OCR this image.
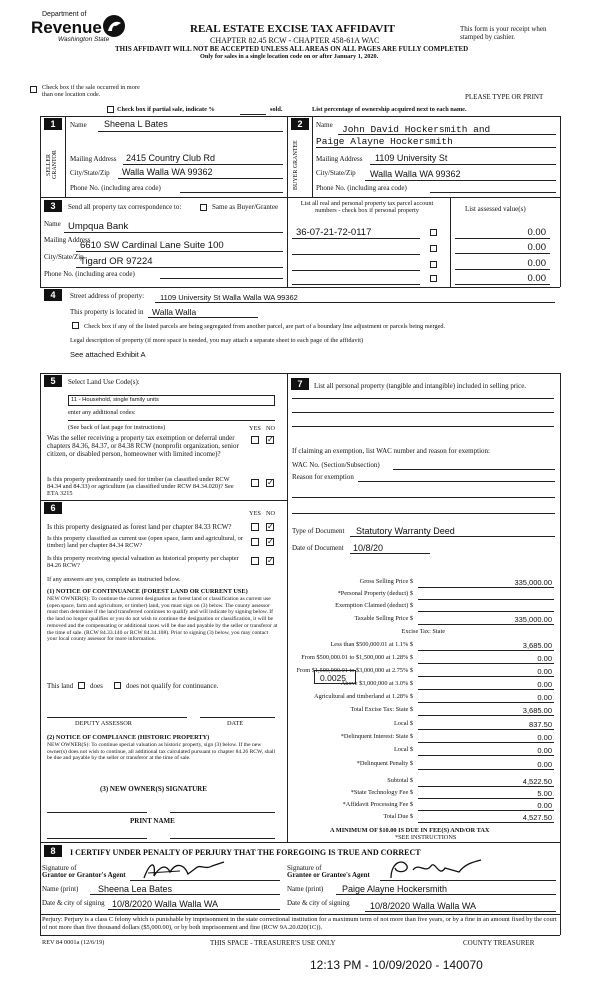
Department of
Revenue
Washington State
REAL ESTATE EXCISE TAX AFFIDAVIT
CHAPTER 82.45 RCW - CHAPTER 458-61A WAC
THIS AFFIDAVIT WILL NOT BE ACCEPTED UNLESS ALL AREAS ON ALL PAGES ARE FULLY COMPLETED
Only for sales in a single location code on or after January 1, 2020.
This form is your receipt when stamped by cashier.
PLEASE TYPE OR PRINT
Check box if the sale occurred in more than one location code.
Check box if partial sale, indicate %	sold.	List percentage of ownership acquired next to each name.
1
SELLER GRANTOR
Name Sheena L Bates
Mailing Address 2415 Country Club Rd
City/State/Zip Walla Walla WA 99362
Phone No. (including area code)
2
BUYER GRANTEE
Name John David Hockersmith and
Paige Alayne Hockersmith
Mailing Address 1109 University St
City/State/Zip Walla Walla WA 99362
Phone No. (including area code)
3	Send all property tax correspondence to:	Same as Buyer/Grantee
Name Umpqua Bank
Mailing Address
6610 SW Cardinal Lane Suite 100
City/State/Zip
Tigard OR 97224
Phone No. (including area code)
List all real and personal property tax parcel account numbers - check box if personal property	List assessed value(s)
36-07-21-72-0117	0.00
0.00
0.00
0.00
4	Street address of property: 1109 University St Walla Walla WA 99362
This property is located in Walla Walla
Check box if any of the listed parcels are being segregated from another parcel, are part of a boundary line adjustment or parcels being merged.
Legal description of property (if more space is needed, you may attach a separate sheet to each page of the affidavit)
See attached Exhibit A
5	Select Land Use Code(s):
11 - Household, single family units
enter any additional codes:
(See back of last page for instructions)	YES NO
Was the seller receiving a property tax exemption or deferral under chapters 84.36, 84.37, or 84.38 RCW (nonprofit organization, senior citizen, or disabled person, homeowner with limited income)?
✓
Is this property predominantly used for timber (as classified under RCW 84.34 and 84.33) or agriculture (as classified under RCW 84.34.020)? See ETA 3215
✓
6
YES NO
Is this property designated as forest land per chapter 84.33 RCW?	✓
Is this property classified as current use (open space, farm and agricultural, or timber) land per chapter 84.34 RCW?	✓
Is this property receiving special valuation as historical property per chapter 84.26 RCW?
✓
If any answers are yes, complete as instructed below.
(1) NOTICE OF CONTINUANCE (FOREST LAND OR CURRENT USE)
NEW OWNER(S): To continue the current designation as forest land or classification as current use (open space, farm and agriculture, or timber) land, you must sign on (3) below. The county assessor must then determine if the land transferred continues to qualify and will indicate by signing below. If the land no longer qualifies or you do not wish to continue the designation or classification, it will be removed and the compensating or additional taxes will be due and payable by the seller or transferor at the time of sale. (RCW 84.33.140 or RCW 84.34.108). Prior to signing (3) below, you may contact your local county assessor for more information.
This land does	does not qualify for continuance.
DEPUTY ASSESSOR	DATE
(2) NOTICE OF COMPLIANCE (HISTORIC PROPERTY)
NEW OWNER(S): To continue special valuation as historic property, sign (3) below. If the new owner(s) does not wish to continue, all additional tax calculated pursuant to chapter 84.26 RCW, shall be due and payable by the seller or transferor at the time of sale.
(3) NEW OWNER(S) SIGNATURE
PRINT NAME
7	List all personal property (tangible and intangible) included in selling price.
If claiming an exemption, list WAC number and reason for exemption:
WAC No. (Section/Subsection)
Reason for exemption
Type of Document Statutory Warranty Deed
Date of Document 10/8/20
Gross Selling Price $	335,000.00
*Personal Property (deduct) $
Exemption Claimed (deduct) $
Taxable Selling Price $	335,000.00
Excise Tax: State
Less than $500,000.01 at 1.1% $	3,685.00
From $500,000.01 to $1,500,000 at 1.28% $	0.00
From $1,500,000.01 to $3,000,000 at 2.75% $	0.00
Above $3,000,000 at 3.0% $	0.00
Agricultural and timberland at 1.28% $	0.00
Total Excise Tax: State $	3,685.00
Local $	837.50
*Delinquent Interest: State $	0.00
Local $	0.00
*Delinquent Penalty $	0.00
Subtotal $	4,522.50
*State Technology Fee $	5.00
*Affidavit Processing Fee $	0.00
Total Due $	4,527.50
0.0025
A MINIMUM OF $10.00 IS DUE IN FEE(S) AND/OR TAX
*SEE INSTRUCTIONS
8	I CERTIFY UNDER PENALTY OF PERJURY THAT THE FOREGOING IS TRUE AND CORRECT
Signature of
Grantor or Grantor's Agent
Name (print) Sheena Lea Bates
Date & city of signing 10/8/2020 Walla Walla WA
Signature of
Grantee or Grantee's Agent
Name (print) Paige Alayne Hockersmith
Date & city of signing 10/8/2020 Walla Walla WA
Perjury: Perjury is a class C felony which is punishable by imprisonment in the state correctional institution for a maximum term of not more than five years, or by a fine in an amount fixed by the court of not more than five thousand dollars ($5,000.00), or by both imprisonment and fine (RCW 9A.20.020(1C)).
REV 84 0001a (12/6/19)	THIS SPACE - TREASURER'S USE ONLY	COUNTY TREASURER
12:13 PM - 10/09/2020 - 140070
